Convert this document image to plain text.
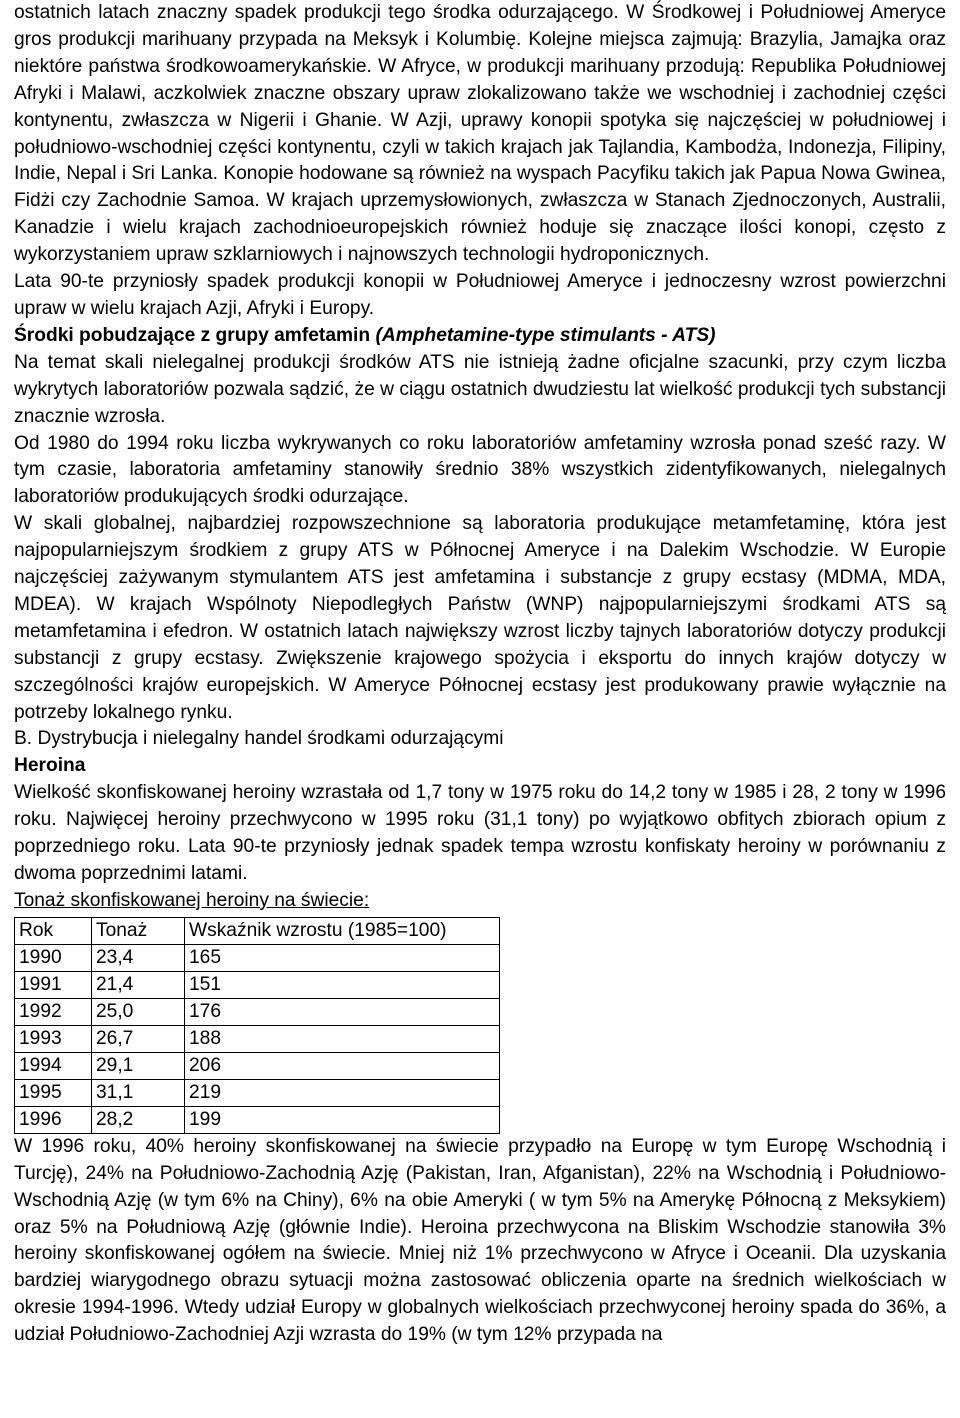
ostatnich latach znaczny spadek produkcji tego środka odurzającego. W Środkowej i Południowej Ameryce gros produkcji marihuany przypada na Meksyk i Kolumbię. Kolejne miejsca zajmują: Brazylia, Jamajka oraz niektóre państwa środkowoamerykańskie. W Afryce, w produkcji marihuany przodują: Republika Południowej Afryki i Malawi, aczkolwiek znaczne obszary upraw zlokalizowano także we wschodniej i zachodniej części kontynentu, zwłaszcza w Nigerii i Ghanie. W Azji, uprawy konopii spotyka się najczęściej w południowej i południowo-wschodniej części kontynentu, czyli w takich krajach jak Tajlandia, Kambodża, Indonezja, Filipiny, Indie, Nepal i Sri Lanka. Konopie hodowane są również na wyspach Pacyfiku takich jak Papua Nowa Gwinea, Fidżi czy Zachodnie Samoa. W krajach uprzemysłowionych, zwłaszcza w Stanach Zjednoczonych, Australii, Kanadzie i wielu krajach zachodnioeuropejskich również hoduje się znaczące ilości konopi, często z wykorzystaniem upraw szklarniowych i najnowszych technologii hydroponicznych.

Lata 90-te przyniosły spadek produkcji konopii w Południowej Ameryce i jednoczesny wzrost powierzchni upraw w wielu krajach Azji, Afryki i Europy.

Środki pobudzające z grupy amfetamin (Amphetamine-type stimulants - ATS)

Na temat skali nielegalnej produkcji środków ATS nie istnieją żadne oficjalne szacunki, przy czym liczba wykrytych laboratoriów pozwala sądzić, że w ciągu ostatnich dwudziestu lat wielkość produkcji tych substancji znacznie wzrosła.

Od 1980 do 1994 roku liczba wykrywanych co roku laboratoriów amfetaminy wzrosła ponad sześć razy. W tym czasie, laboratoria amfetaminy stanowiły średnio 38% wszystkich zidentyfikowanych, nielegalnych laboratoriów produkujących środki odurzające.

W skali globalnej, najbardziej rozpowszechnione są laboratoria produkujące metamfetaminę, która jest najpopularniejszym środkiem z grupy ATS w Północnej Ameryce i na Dalekim Wschodzie. W Europie najczęściej zażywanym stymulantem ATS jest amfetamina i substancje z grupy ecstasy (MDMA, MDA, MDEA). W krajach Wspólnoty Niepodległych Państw (WNP) najpopularniejszymi środkami ATS są metamfetamina i efedron. W ostatnich latach największy wzrost liczby tajnych laboratoriów dotyczy produkcji substancji z grupy ecstasy. Zwiększenie krajowego spożycia i eksportu do innych krajów dotyczy w szczególności krajów europejskich. W Ameryce Północnej ecstasy jest produkowany prawie wyłącznie na potrzeby lokalnego rynku.

B. Dystrybucja i nielegalny handel środkami odurzającymi
Heroina

Wielkość skonfiskowanej heroiny wzrastała od 1,7 tony w 1975 roku do 14,2 tony w 1985 i 28, 2 tony w 1996 roku. Najwięcej heroiny przechwycono w 1995 roku (31,1 tony) po wyjątkowo obfitych zbiorach opium z poprzedniego roku. Lata 90-te przyniosły jednak spadek tempa wzrostu konfiskaty heroiny w porównaniu z dwoma poprzednimi latami.

Tonaż skonfiskowanej heroiny na świecie:
Rok	Tonaż	Wskaźnik wzrostu (1985=100)
1990	23,4	165
1991	21,4	151
1992	25,0	176
1993	26,7	188
1994	29,1	206
1995	31,1	219
1996	28,2	199

W 1996 roku, 40% heroiny skonfiskowanej na świecie przypadło na Europę w tym Europę Wschodnią i Turcję), 24% na Południowo-Zachodnią Azję (Pakistan, Iran, Afganistan), 22% na Wschodnią i Południowo-Wschodnią Azję (w tym 6% na Chiny), 6% na obie Ameryki ( w tym 5% na Amerykę Północną z Meksykiem) oraz 5% na Południową Azję (głównie Indie). Heroina przechwycona na Bliskim Wschodzie stanowiła 3% heroiny skonfiskowanej ogółem na świecie. Mniej niż 1% przechwycono w Afryce i Oceanii. Dla uzyskania bardziej wiarygodnego obrazu sytuacji można zastosować obliczenia oparte na średnich wielkościach w okresie 1994-1996. Wtedy udział Europy w globalnych wielkościach przechwyconej heroiny spada do 36%, a udział Południowo-Zachodniej Azji wzrasta do 19% (w tym 12% przypada na
